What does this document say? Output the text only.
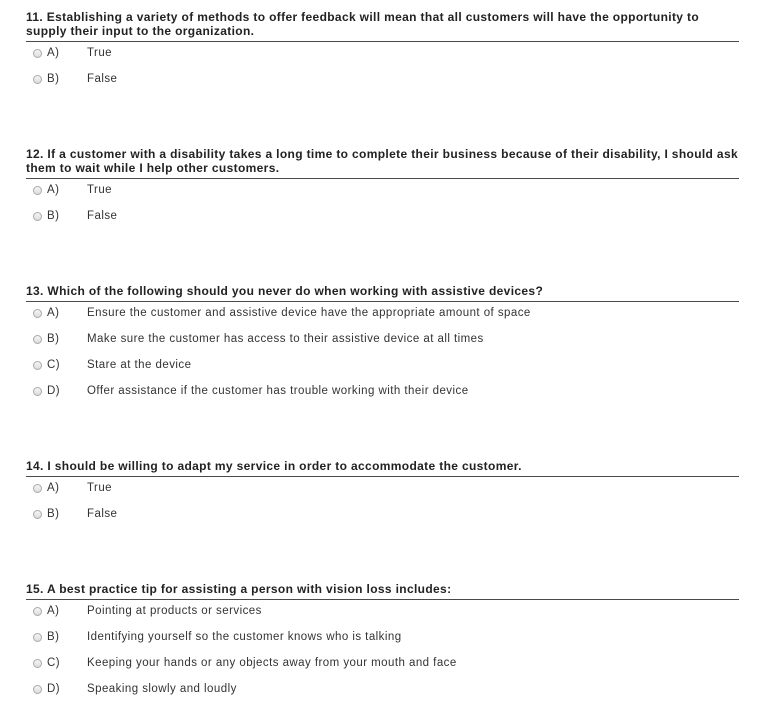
11. Establishing a variety of methods to offer feedback will mean that all customers will have the opportunity to supply their input to the organization.
A) True
B) False
12. If a customer with a disability takes a long time to complete their business because of their disability, I should ask them to wait while I help other customers.
A) True
B) False
13. Which of the following should you never do when working with assistive devices?
A) Ensure the customer and assistive device have the appropriate amount of space
B) Make sure the customer has access to their assistive device at all times
C) Stare at the device
D) Offer assistance if the customer has trouble working with their device
14. I should be willing to adapt my service in order to accommodate the customer.
A) True
B) False
15. A best practice tip for assisting a person with vision loss includes:
A) Pointing at products or services
B) Identifying yourself so the customer knows who is talking
C) Keeping your hands or any objects away from your mouth and face
D) Speaking slowly and loudly
